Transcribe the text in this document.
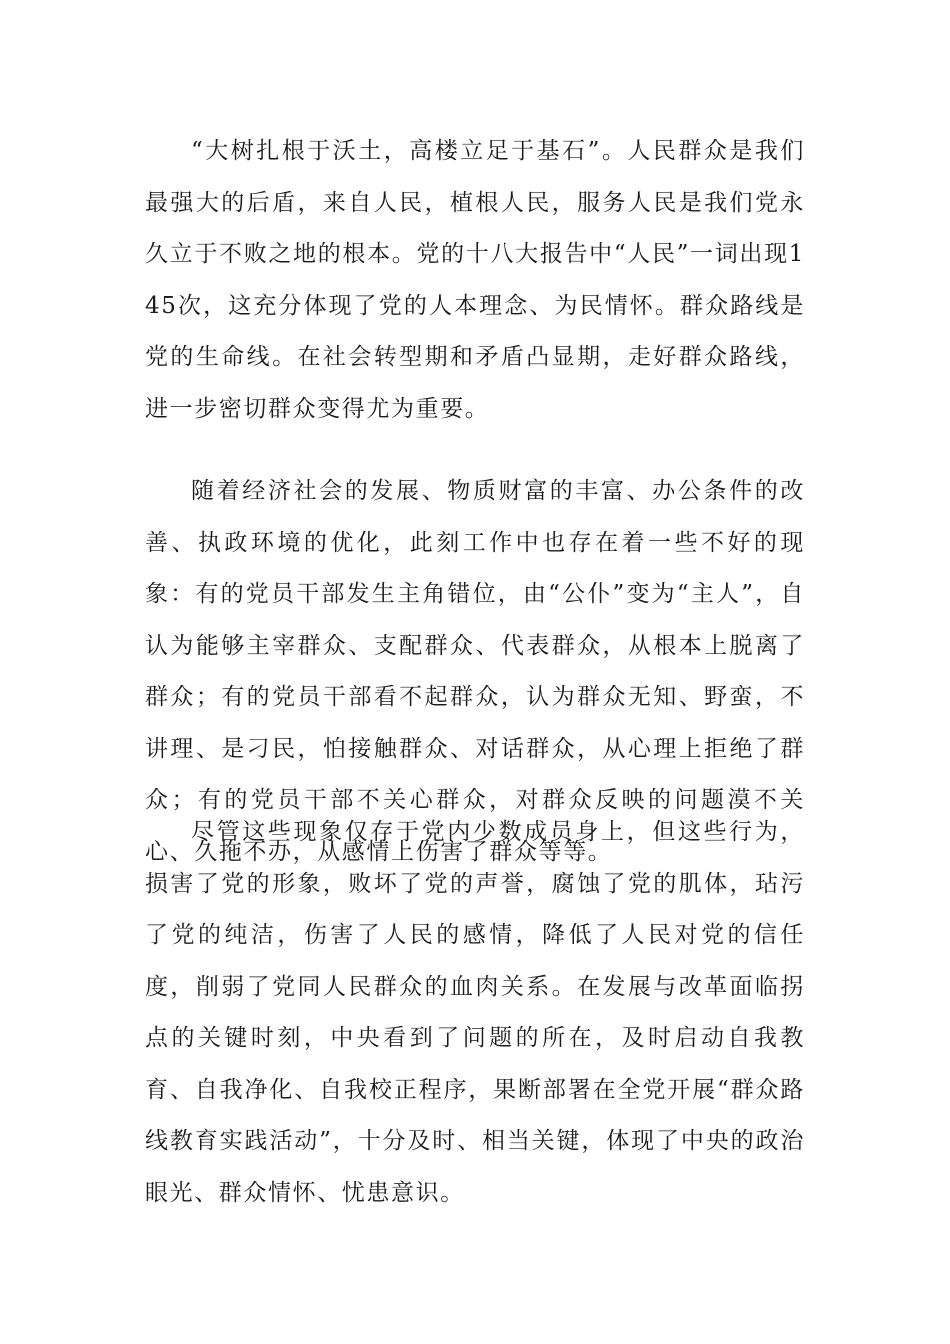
“大树扎根于沃土，高楼立足于基石”。人民群众是我们最强大的后盾，来自人民，植根人民，服务人民是我们党永久立于不败之地的根本。党的十八大报告中“人民”一词出现145次，这充分体现了党的人本理念、为民情怀。群众路线是党的生命线。在社会转型期和矛盾凸显期，走好群众路线，进一步密切群众变得尤为重要。

随着经济社会的发展、物质财富的丰富、办公条件的改善、执政环境的优化，此刻工作中也存在着一些不好的现象：有的党员干部发生主角错位，由“公仆”变为“主人”，自认为能够主宰群众、支配群众、代表群众，从根本上脱离了群众；有的党员干部看不起群众，认为群众无知、野蛮，不讲理、是刁民，怕接触群众、对话群众，从心理上拒绝了群众；有的党员干部不关心群众，对群众反映的问题漠不关心、久拖不办，从感情上伤害了群众等等。

尽管这些现象仅存于党内少数成员身上，但这些行为，损害了党的形象，败坏了党的声誉，腐蚀了党的肌体，玷污了党的纯洁，伤害了人民的感情，降低了人民对党的信任度，削弱了党同人民群众的血肉关系。在发展与改革面临拐点的关键时刻，中央看到了问题的所在，及时启动自我教育、自我净化、自我校正程序，果断部署在全党开展“群众路线教育实践活动”，十分及时、相当关键，体现了中央的政治眼光、群众情怀、忧患意识。
